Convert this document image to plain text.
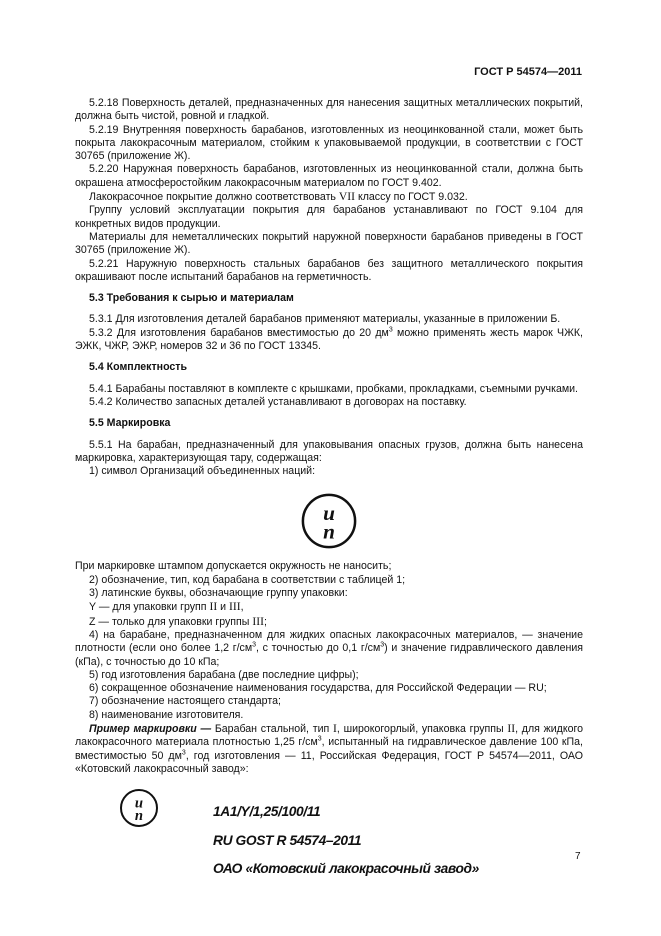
ГОСТ Р 54574—2011

5.2.18 Поверхность деталей, предназначенных для нанесения защитных металлических покрытий, должна быть чистой, ровной и гладкой.

5.2.19 Внутренняя поверхность барабанов, изготовленных из неоцинкованной стали, может быть покрыта лакокрасочным материалом, стойким к упаковываемой продукции, в соответствии с ГОСТ 30765 (приложение Ж).

5.2.20 Наружная поверхность барабанов, изготовленных из неоцинкованной стали, должна быть окрашена атмосферостойким лакокрасочным материалом по ГОСТ 9.402.

Лакокрасочное покрытие должно соответствовать VII классу по ГОСТ 9.032.

Группу условий эксплуатации покрытия для барабанов устанавливают по ГОСТ 9.104 для конкретных видов продукции.

Материалы для неметаллических покрытий наружной поверхности барабанов приведены в ГОСТ 30765 (приложение Ж).

5.2.21 Наружную поверхность стальных барабанов без защитного металлического покрытия окрашивают после испытаний барабанов на герметичность.

5.3 Требования к сырью и материалам

5.3.1 Для изготовления деталей барабанов применяют материалы, указанные в приложении Б.

5.3.2 Для изготовления барабанов вместимостью до 20 $дм^3$ можно применять жесть марок ЧЖК, ЭЖК, ЧЖР, ЭЖР, номеров 32 и 36 по ГОСТ 13345.

5.4 Комплектность

5.4.1 Барабаны поставляют в комплекте с крышками, пробками, прокладками, съемными ручками.

5.4.2 Количество запасных деталей устанавливают в договорах на поставку.

5.5 Маркировка

5.5.1 На барабан, предназначенный для упаковывания опасных грузов, должна быть нанесена маркировка, характеризующая тару, содержащая:

1) символ Организаций объединенных наций:

u
n

При маркировке штампом допускается окружность не наносить;

2) обозначение, тип, код барабана в соответствии с таблицей 1;

3) латинские буквы, обозначающие группу упаковки:

Y — для упаковки групп II и III,

Z — только для упаковки группы III;

4) на барабане, предназначенном для жидких опасных лакокрасочных материалов, — значение плотности (если оно более 1,2 $г/см^3$, с точностью до 0,1 $г/см^3$) и значение гидравлического давления (кПа), с точностью до 10 кПа;

5) год изготовления барабана (две последние цифры);

6) сокращенное обозначение наименования государства, для Российской Федерации — RU;

7) обозначение настоящего стандарта;

8) наименование изготовителя.

Пример маркировки — Барабан стальной, тип I, широкогорлый, упаковка группы II, для жидкого лакокрасочного материала плотностью 1,25 $г/см^3$, испытанный на гидравлическое давление 100 кПа, вместимостью 50 $дм^3$, год изготовления — 11, Российская Федерация, ГОСТ Р 54574—2011, ОАО «Котовский лакокрасочный завод»:

u
n	1A1/Y/1,25/100/11
RU GOST R 54574–2011
ОАО «Котовский лакокрасочный завод»
7
